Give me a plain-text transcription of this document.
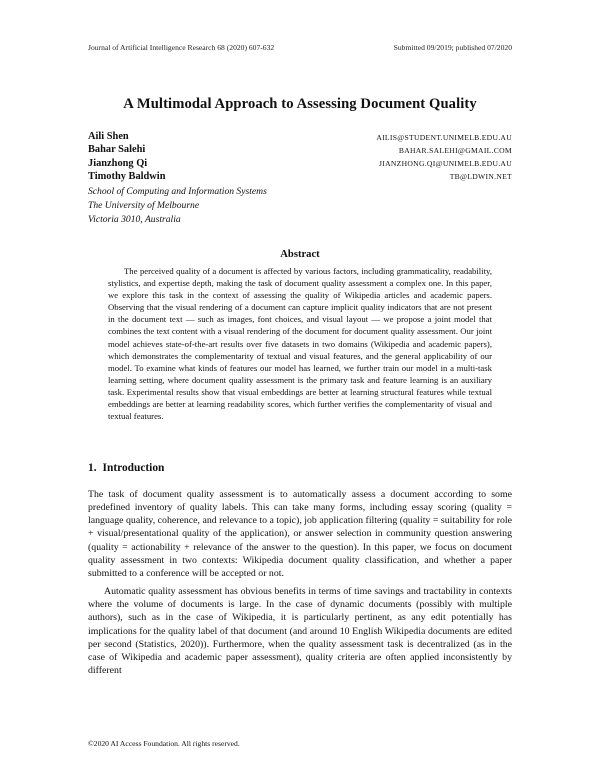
Journal of Artificial Intelligence Research 68 (2020) 607-632	Submitted 09/2019; published 07/2020
A Multimodal Approach to Assessing Document Quality
Aili Shen	AILIS@STUDENT.UNIMELB.EDU.AU
Bahar Salehi	BAHAR.SALEHI@GMAIL.COM
Jianzhong Qi	JIANZHONG.QI@UNIMELB.EDU.AU
Timothy Baldwin	TB@LDWIN.NET
School of Computing and Information Systems
The University of Melbourne
Victoria 3010, Australia
Abstract
The perceived quality of a document is affected by various factors, including grammaticality, readability, stylistics, and expertise depth, making the task of document quality assessment a complex one. In this paper, we explore this task in the context of assessing the quality of Wikipedia articles and academic papers. Observing that the visual rendering of a document can capture implicit quality indicators that are not present in the document text — such as images, font choices, and visual layout — we propose a joint model that combines the text content with a visual rendering of the document for document quality assessment. Our joint model achieves state-of-the-art results over five datasets in two domains (Wikipedia and academic papers), which demonstrates the complementarity of textual and visual features, and the general applicability of our model. To examine what kinds of features our model has learned, we further train our model in a multi-task learning setting, where document quality assessment is the primary task and feature learning is an auxiliary task. Experimental results show that visual embeddings are better at learning structural features while textual embeddings are better at learning readability scores, which further verifies the complementarity of visual and textual features.
1. Introduction

The task of document quality assessment is to automatically assess a document according to some predefined inventory of quality labels. This can take many forms, including essay scoring (quality = language quality, coherence, and relevance to a topic), job application filtering (quality = suitability for role + visual/presentational quality of the application), or answer selection in community question answering (quality = actionability + relevance of the answer to the question). In this paper, we focus on document quality assessment in two contexts: Wikipedia document quality classification, and whether a paper submitted to a conference will be accepted or not.

Automatic quality assessment has obvious benefits in terms of time savings and tractability in contexts where the volume of documents is large. In the case of dynamic documents (possibly with multiple authors), such as in the case of Wikipedia, it is particularly pertinent, as any edit potentially has implications for the quality label of that document (and around 10 English Wikipedia documents are edited per second (Statistics, 2020)). Furthermore, when the quality assessment task is decentralized (as in the case of Wikipedia and academic paper assessment), quality criteria are often applied inconsistently by different

©2020 AI Access Foundation. All rights reserved.
